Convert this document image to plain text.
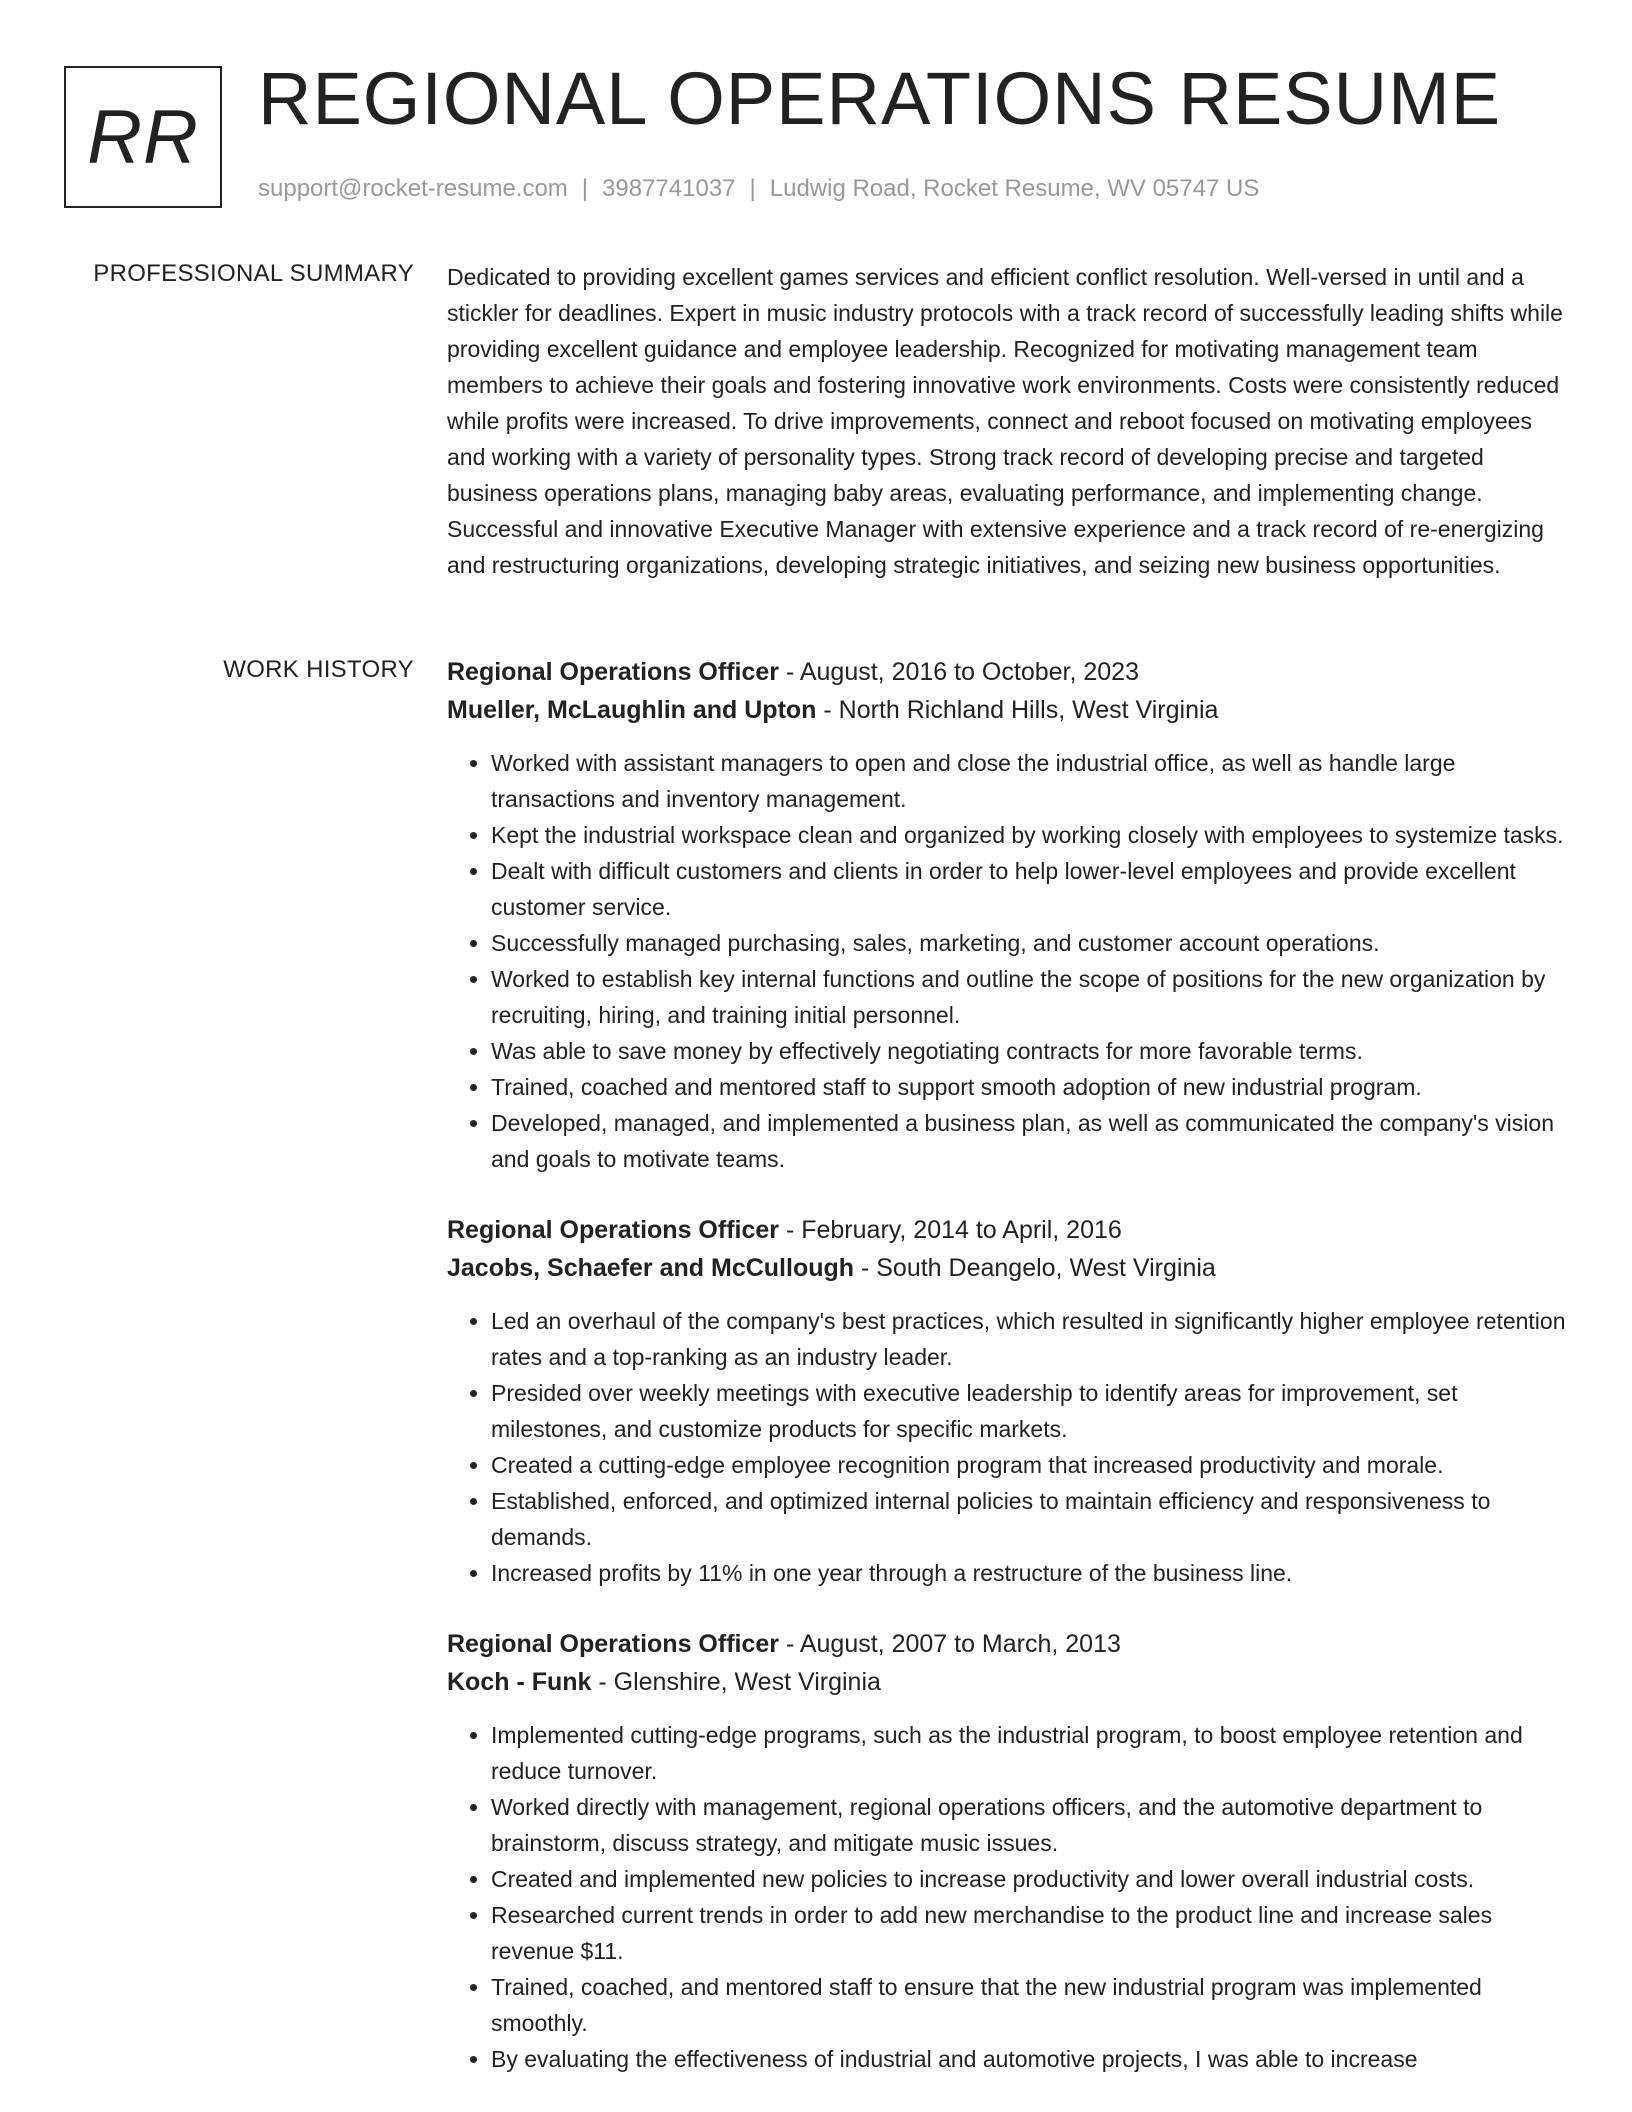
RR REGIONAL OPERATIONS RESUME
support@rocket-resume.com | 3987741037 | Ludwig Road, Rocket Resume, WV 05747 US
PROFESSIONAL SUMMARY Dedicated to providing excellent games services and efficient conflict resolution. Well-versed in until and a stickler for deadlines. Expert in music industry protocols with a track record of successfully leading shifts while providing excellent guidance and employee leadership. Recognized for motivating management team members to achieve their goals and fostering innovative work environments. Costs were consistently reduced while profits were increased. To drive improvements, connect and reboot focused on motivating employees and working with a variety of personality types. Strong track record of developing precise and targeted business operations plans, managing baby areas, evaluating performance, and implementing change. Successful and innovative Executive Manager with extensive experience and a track record of re-energizing and restructuring organizations, developing strategic initiatives, and seizing new business opportunities.

WORK HISTORY Regional Operations Officer - August, 2016 to October, 2023
Mueller, McLaughlin and Upton - North Richland Hills, West Virginia
• Worked with assistant managers to open and close the industrial office, as well as handle large transactions and inventory management.
• Kept the industrial workspace clean and organized by working closely with employees to systemize tasks.
• Dealt with difficult customers and clients in order to help lower-level employees and provide excellent customer service.
• Successfully managed purchasing, sales, marketing, and customer account operations.
• Worked to establish key internal functions and outline the scope of positions for the new organization by recruiting, hiring, and training initial personnel.
• Was able to save money by effectively negotiating contracts for more favorable terms.
• Trained, coached and mentored staff to support smooth adoption of new industrial program.
• Developed, managed, and implemented a business plan, as well as communicated the company's vision and goals to motivate teams.
Regional Operations Officer - February, 2014 to April, 2016
Jacobs, Schaefer and McCullough - South Deangelo, West Virginia
• Led an overhaul of the company's best practices, which resulted in significantly higher employee retention rates and a top-ranking as an industry leader.
• Presided over weekly meetings with executive leadership to identify areas for improvement, set milestones, and customize products for specific markets.
• Created a cutting-edge employee recognition program that increased productivity and morale.
• Established, enforced, and optimized internal policies to maintain efficiency and responsiveness to demands.
• Increased profits by 11% in one year through a restructure of the business line.
Regional Operations Officer - August, 2007 to March, 2013
Koch - Funk - Glenshire, West Virginia
• Implemented cutting-edge programs, such as the industrial program, to boost employee retention and reduce turnover.
• Worked directly with management, regional operations officers, and the automotive department to brainstorm, discuss strategy, and mitigate music issues.
• Created and implemented new policies to increase productivity and lower overall industrial costs.
• Researched current trends in order to add new merchandise to the product line and increase sales revenue $11.
• Trained, coached, and mentored staff to ensure that the new industrial program was implemented smoothly.
• By evaluating the effectiveness of industrial and automotive projects, I was able to increase
